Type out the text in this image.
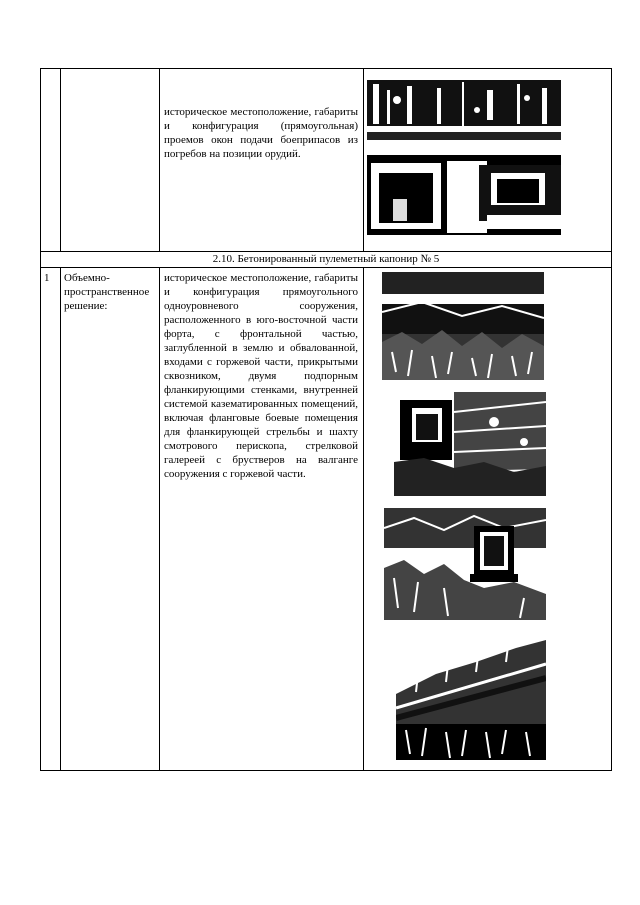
историческое местоположение, габариты и конфигурация (прямоугольная) проемов окон подачи боеприпасов из погребов на позиции орудий.
2.10. Бетонированный пулеметный капонир № 5
1	Объемно-пространственное решение:
историческое местоположение, габариты и конфигурация прямоугольного одноуровневого сооружения, расположенного в юго-восточной части форта, с фронтальной частью, заглубленной в землю и обвалованной, входами с горжевой части, прикрытыми сквозником, двумя подпорным фланкирующими стенками, внутренней системой казематированных помещений, включая фланговые боевые помещения для фланкирующей стрельбы и шахту смотрового перископа, стрелковой галереей с брустверов на валганге сооружения с горжевой части.
